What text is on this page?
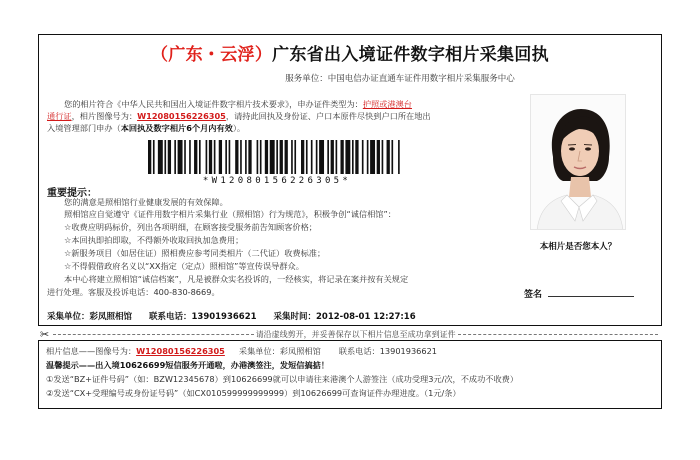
（广东・云浮）广东省出入境证件数字相片采集回执
服务单位：中国电信办证直通车证件用数字相片采集服务中心
您的相片符合《中华人民共和国出入境证件数字相片技术要求》，申办证件类型为：护照或港澳台
通行证，相片图像号为：W12080156226305，请持此回执及身份证、户口本原件尽快到户口所在地出
入境管理部门申办（本回执及数字相片6个月内有效）。
*W12080156226305*
重要提示：
您的满意是照相馆行业健康发展的有效保障。
照相馆应自觉遵守《证件用数字相片采集行业（照相馆）行为规范》，积极争创“诚信相馆”：
☆收费应明码标价，列出各项明细，在顾客接受服务前告知顾客价格；
☆本回执即拍即取，不得额外收取回执加急费用；
☆新服务项目（如居住证）照相费应参考同类相片（二代证）收费标准；
☆不得假借政府名义以“XX指定（定点）照相馆”等宣传误导群众。
本中心将建立照相馆“诚信档案”，凡是被群众实名投诉的，一经核实，将记录在案并按有关规定
进行处理。客服及投诉电话：400-830-8669。
本相片是否您本人？
签名
采集单位：彩凤照相馆 联系电话：13901936621 采集时间：2012-08-01 12:27:16
✂	请沿虚线剪开，并妥善保存以下相片信息至成功拿到证件
相片信息——图像号为：W12080156226305 采集单位：彩凤照相馆 联系电话：13901936621
温馨提示——出入境10626699短信服务开通啦，办港澳签注，发短信搞掂！
①发送“BZ+证件号码”（如：BZW12345678）到10626699就可以申请往来港澳个人游签注（成功受理3元/次，不成功不收费）
②发送“CX+受理编号或身份证号码”（如CX010599999999999）到10626699可查询证件办理进度。（1元/条）
